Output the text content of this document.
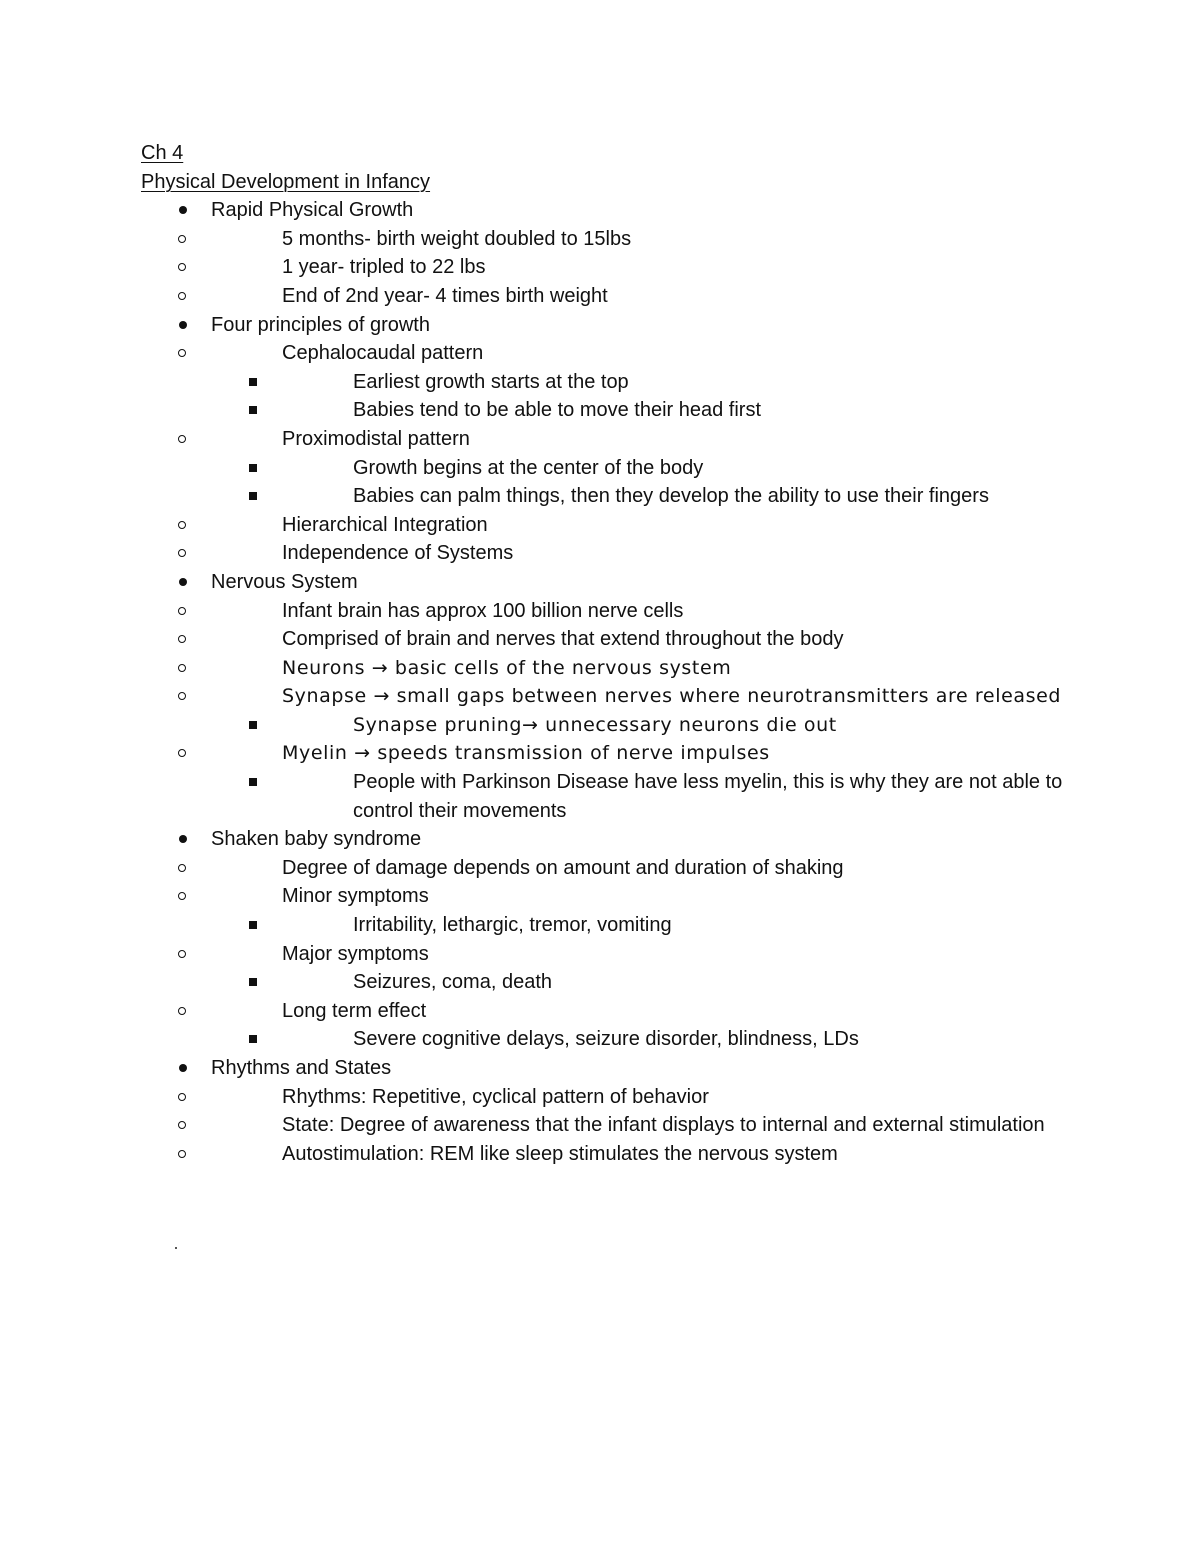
Ch 4
Physical Development in Infancy
Rapid Physical Growth
5 months- birth weight doubled to 15lbs
1 year- tripled to 22 lbs
End of 2nd year- 4 times birth weight
Four principles of growth
Cephalocaudal pattern
Earliest growth starts at the top
Babies tend to be able to move their head first
Proximodistal pattern
Growth begins at the center of the body
Babies can palm things, then they develop the ability to use their fingers
Hierarchical Integration
Independence of Systems
Nervous System
Infant brain has approx 100 billion nerve cells
Comprised of brain and nerves that extend throughout the body
Neurons → basic cells of the nervous system
Synapse → small gaps between nerves where neurotransmitters are released
Synapse pruning→ unnecessary neurons die out
Myelin → speeds transmission of nerve impulses
People with Parkinson Disease have less myelin, this is why they are not able to control their movements
Shaken baby syndrome
Degree of damage depends on amount and duration of shaking
Minor symptoms
Irritability, lethargic, tremor, vomiting
Major symptoms
Seizures, coma, death
Long term effect
Severe cognitive delays, seizure disorder, blindness, LDs
Rhythms and States
Rhythms: Repetitive, cyclical pattern of behavior
State: Degree of awareness that the infant displays to internal and external stimulation
Autostimulation: REM like sleep stimulates the nervous system
